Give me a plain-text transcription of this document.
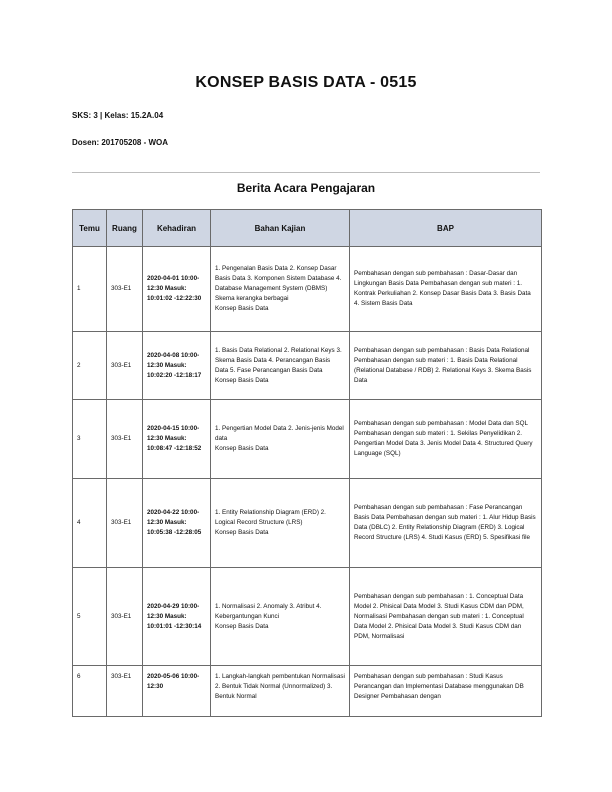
KONSEP BASIS DATA - 0515
SKS: 3 | Kelas: 15.2A.04
Dosen: 201705208 - WOA
Berita Acara Pengajaran
Temu	Ruang	Kehadiran	Bahan Kajian	BAP
1	303-E1	2020-04-01 10:00-12:30 Masuk: 10:01:02 -12:22:30	1. Pengenalan Basis Data 2. Konsep Dasar Basis Data 3. Komponen Sistem Database 4. Database Management System (DBMS) Skema kerangka berbagai
Konsep Basis Data	Pembahasan dengan sub pembahasan : Dasar-Dasar dan Lingkungan Basis Data Pembahasan dengan sub materi : 1. Kontrak Perkuliahan 2. Konsep Dasar Basis Data 3. Basis Data 4. Sistem Basis Data
2	303-E1	2020-04-08 10:00-12:30 Masuk: 10:02:20 -12:18:17	1. Basis Data Relational 2. Relational Keys 3. Skema Basis Data 4. Perancangan Basis Data 5. Fase Perancangan Basis Data
Konsep Basis Data	Pembahasan dengan sub pembahasan : Basis Data Relational Pembahasan dengan sub materi : 1. Basis Data Relational (Relational Database / RDB) 2. Relational Keys 3. Skema Basis Data
3	303-E1	2020-04-15 10:00-12:30 Masuk: 10:08:47 -12:18:52	1. Pengertian Model Data 2. Jenis-jenis Model data
Konsep Basis Data	Pembahasan dengan sub pembahasan : Model Data dan SQL Pembahasan dengan sub materi : 1. Sekilas Penyelidikan 2. Pengertian Model Data 3. Jenis Model Data 4. Structured Query Language (SQL)
4	303-E1	2020-04-22 10:00-12:30 Masuk: 10:05:38 -12:28:05	1. Entity Relationship Diagram (ERD) 2. Logical Record Structure (LRS)
Konsep Basis Data	Pembahasan dengan sub pembahasan : Fase Perancangan Basis Data Pembahasan dengan sub materi : 1. Alur Hidup Basis Data (DBLC) 2. Entity Relationship Diagram (ERD) 3. Logical Record Structure (LRS) 4. Studi Kasus (ERD) 5. Spesifikasi file
5	303-E1	2020-04-29 10:00-12:30 Masuk: 10:01:01 -12:30:14	1. Normalisasi 2. Anomaly 3. Atribut 4. Kebergantungan Kunci
Konsep Basis Data	Pembahasan dengan sub pembahasan : 1. Conceptual Data Model 2. Phisical Data Model 3. Studi Kasus CDM dan PDM, Normalisasi Pembahasan dengan sub materi : 1. Conceptual Data Model 2. Phisical Data Model 3. Studi Kasus CDM dan PDM, Normalisasi
6	303-E1	2020-05-06 10:00-12:30	1. Langkah-langkah pembentukan Normalisasi 2. Bentuk Tidak Normal (Unnormalized) 3. Bentuk Normal	Pembahasan dengan sub pembahasan : Studi Kasus Perancangan dan Implementasi Database menggunakan DB Designer Pembahasan dengan
